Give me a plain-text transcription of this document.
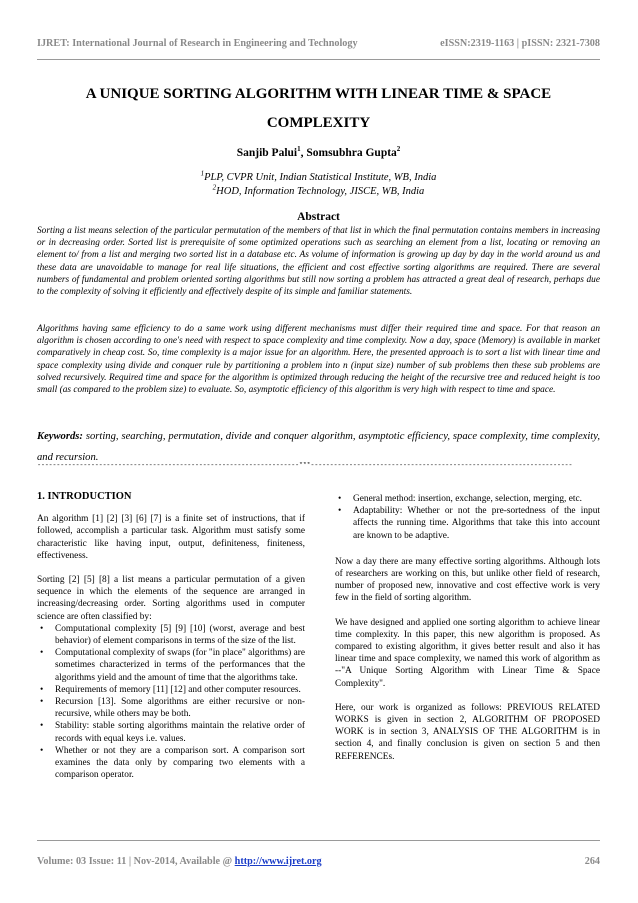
IJRET: International Journal of Research in Engineering and Technology	eISSN:2319-1163 | pISSN: 2321-7308
A UNIQUE SORTING ALGORITHM WITH LINEAR TIME & SPACE
COMPLEXITY
Sanjib Palui$^1$, Somsubhra Gupta$^2$
$^1$PLP, CVPR Unit, Indian Statistical Institute, WB, India
$^2$HOD, Information Technology, JISCE, WB, India
Abstract

Sorting a list means selection of the particular permutation of the members of that list in which the final permutation contains members in increasing or in decreasing order. Sorted list is prerequisite of some optimized operations such as searching an element from a list, locating or removing an element to/ from a list and merging two sorted list in a database etc. As volume of information is growing up day by day in the world around us and these data are unavoidable to manage for real life situations, the efficient and cost effective sorting algorithms are required. There are several numbers of fundamental and problem oriented sorting algorithms but still now sorting a problem has attracted a great deal of research, perhaps due to the complexity of solving it efficiently and effectively despite of its simple and familiar statements.

Algorithms having same efficiency to do a same work using different mechanisms must differ their required time and space. For that reason an algorithm is chosen according to one's need with respect to space complexity and time complexity. Now a day, space (Memory) is available in market comparatively in cheap cost. So, time complexity is a major issue for an algorithm. Here, the presented approach is to sort a list with linear time and space complexity using divide and conquer rule by partitioning a problem into n (input size) number of sub problems then these sub problems are solved recursively. Required time and space for the algorithm is optimized through reducing the height of the recursive tree and reduced height is too small (as compared to the problem size) to evaluate. So, asymptotic efficiency of this algorithm is very high with respect to time and space.

Keywords: sorting, searching, permutation, divide and conquer algorithm, asymptotic efficiency, space complexity, time complexity, and recursion.
--------------------------------------------------------------------***--------------------------------------------------------------------

1. INTRODUCTION

An algorithm [1] [2] [3] [6] [7] is a finite set of instructions, that if followed, accomplish a particular task. Algorithm must satisfy some characteristic like having input, output, definiteness, finiteness, effectiveness.

Sorting [2] [5] [8] a list means a particular permutation of a given sequence in which the elements of the sequence are arranged in increasing/decreasing order. Sorting algorithms used in computer science are often classified by:

• Computational complexity [5] [9] [10] (worst, average and best behavior) of element comparisons in terms of the size of the list.
• Computational complexity of swaps (for "in place" algorithms) are sometimes characterized in terms of the performances that the algorithms yield and the amount of time that the algorithms take.
• Requirements of memory [11] [12] and other computer resources.
• Recursion [13]. Some algorithms are either recursive or non-recursive, while others may be both.
• Stability: stable sorting algorithms maintain the relative order of records with equal keys i.e. values.
• Whether or not they are a comparison sort. A comparison sort examines the data only by comparing two elements with a comparison operator.
• General method: insertion, exchange, selection, merging, etc.
• Adaptability: Whether or not the pre-sortedness of the input affects the running time. Algorithms that take this into account are known to be adaptive.

Now a day there are many effective sorting algorithms. Although lots of researchers are working on this, but unlike other field of research, number of proposed new, innovative and cost effective work is very few in the field of sorting algorithm.

We have designed and applied one sorting algorithm to achieve linear time complexity. In this paper, this new algorithm is proposed. As compared to existing algorithm, it gives better result and also it has linear time and space complexity, we named this work of algorithm as --"A Unique Sorting Algorithm with Linear Time & Space Complexity".

Here, our work is organized as follows: PREVIOUS RELATED WORKS is given in section 2, ALGORITHM OF PROPOSED WORK is in section 3, ANALYSIS OF THE ALGORITHM is in section 4, and finally conclusion is given on section 5 and then REFERENCEs.

Volume: 03 Issue: 11 | Nov-2014, Available @ http://www.ijret.org	264
